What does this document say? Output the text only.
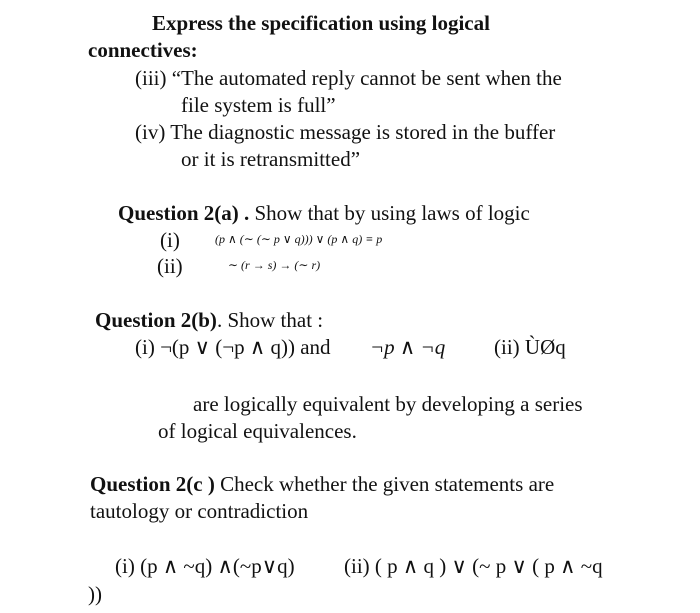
Express the specification using logical
connectives:
(iii) “The automated reply cannot be sent when the
file system is full”
(iv) The diagnostic message is stored in the buffer
or it is retransmitted”
Question 2(a) . Show that by using laws of logic
(i)	(p ∧ (∼ (∼ p ∨ q))) ∨ (p ∧ q) ≡ p
(ii)	∼ (r → s) → (∼ r)
Question 2(b). Show that :
(i) ¬(p ∨ (¬p ∧ q)) and ¬p ∧ ¬q (ii) ÙØq
are logically equivalent by developing a series
of logical equivalences.
Question 2(c ) Check whether the given statements are
tautology or contradiction
(i) (p ∧ ~q) ∧(~p∨q) (ii) ( p ∧ q ) ∨ (~ p ∨ ( p ∧ ~q
))
